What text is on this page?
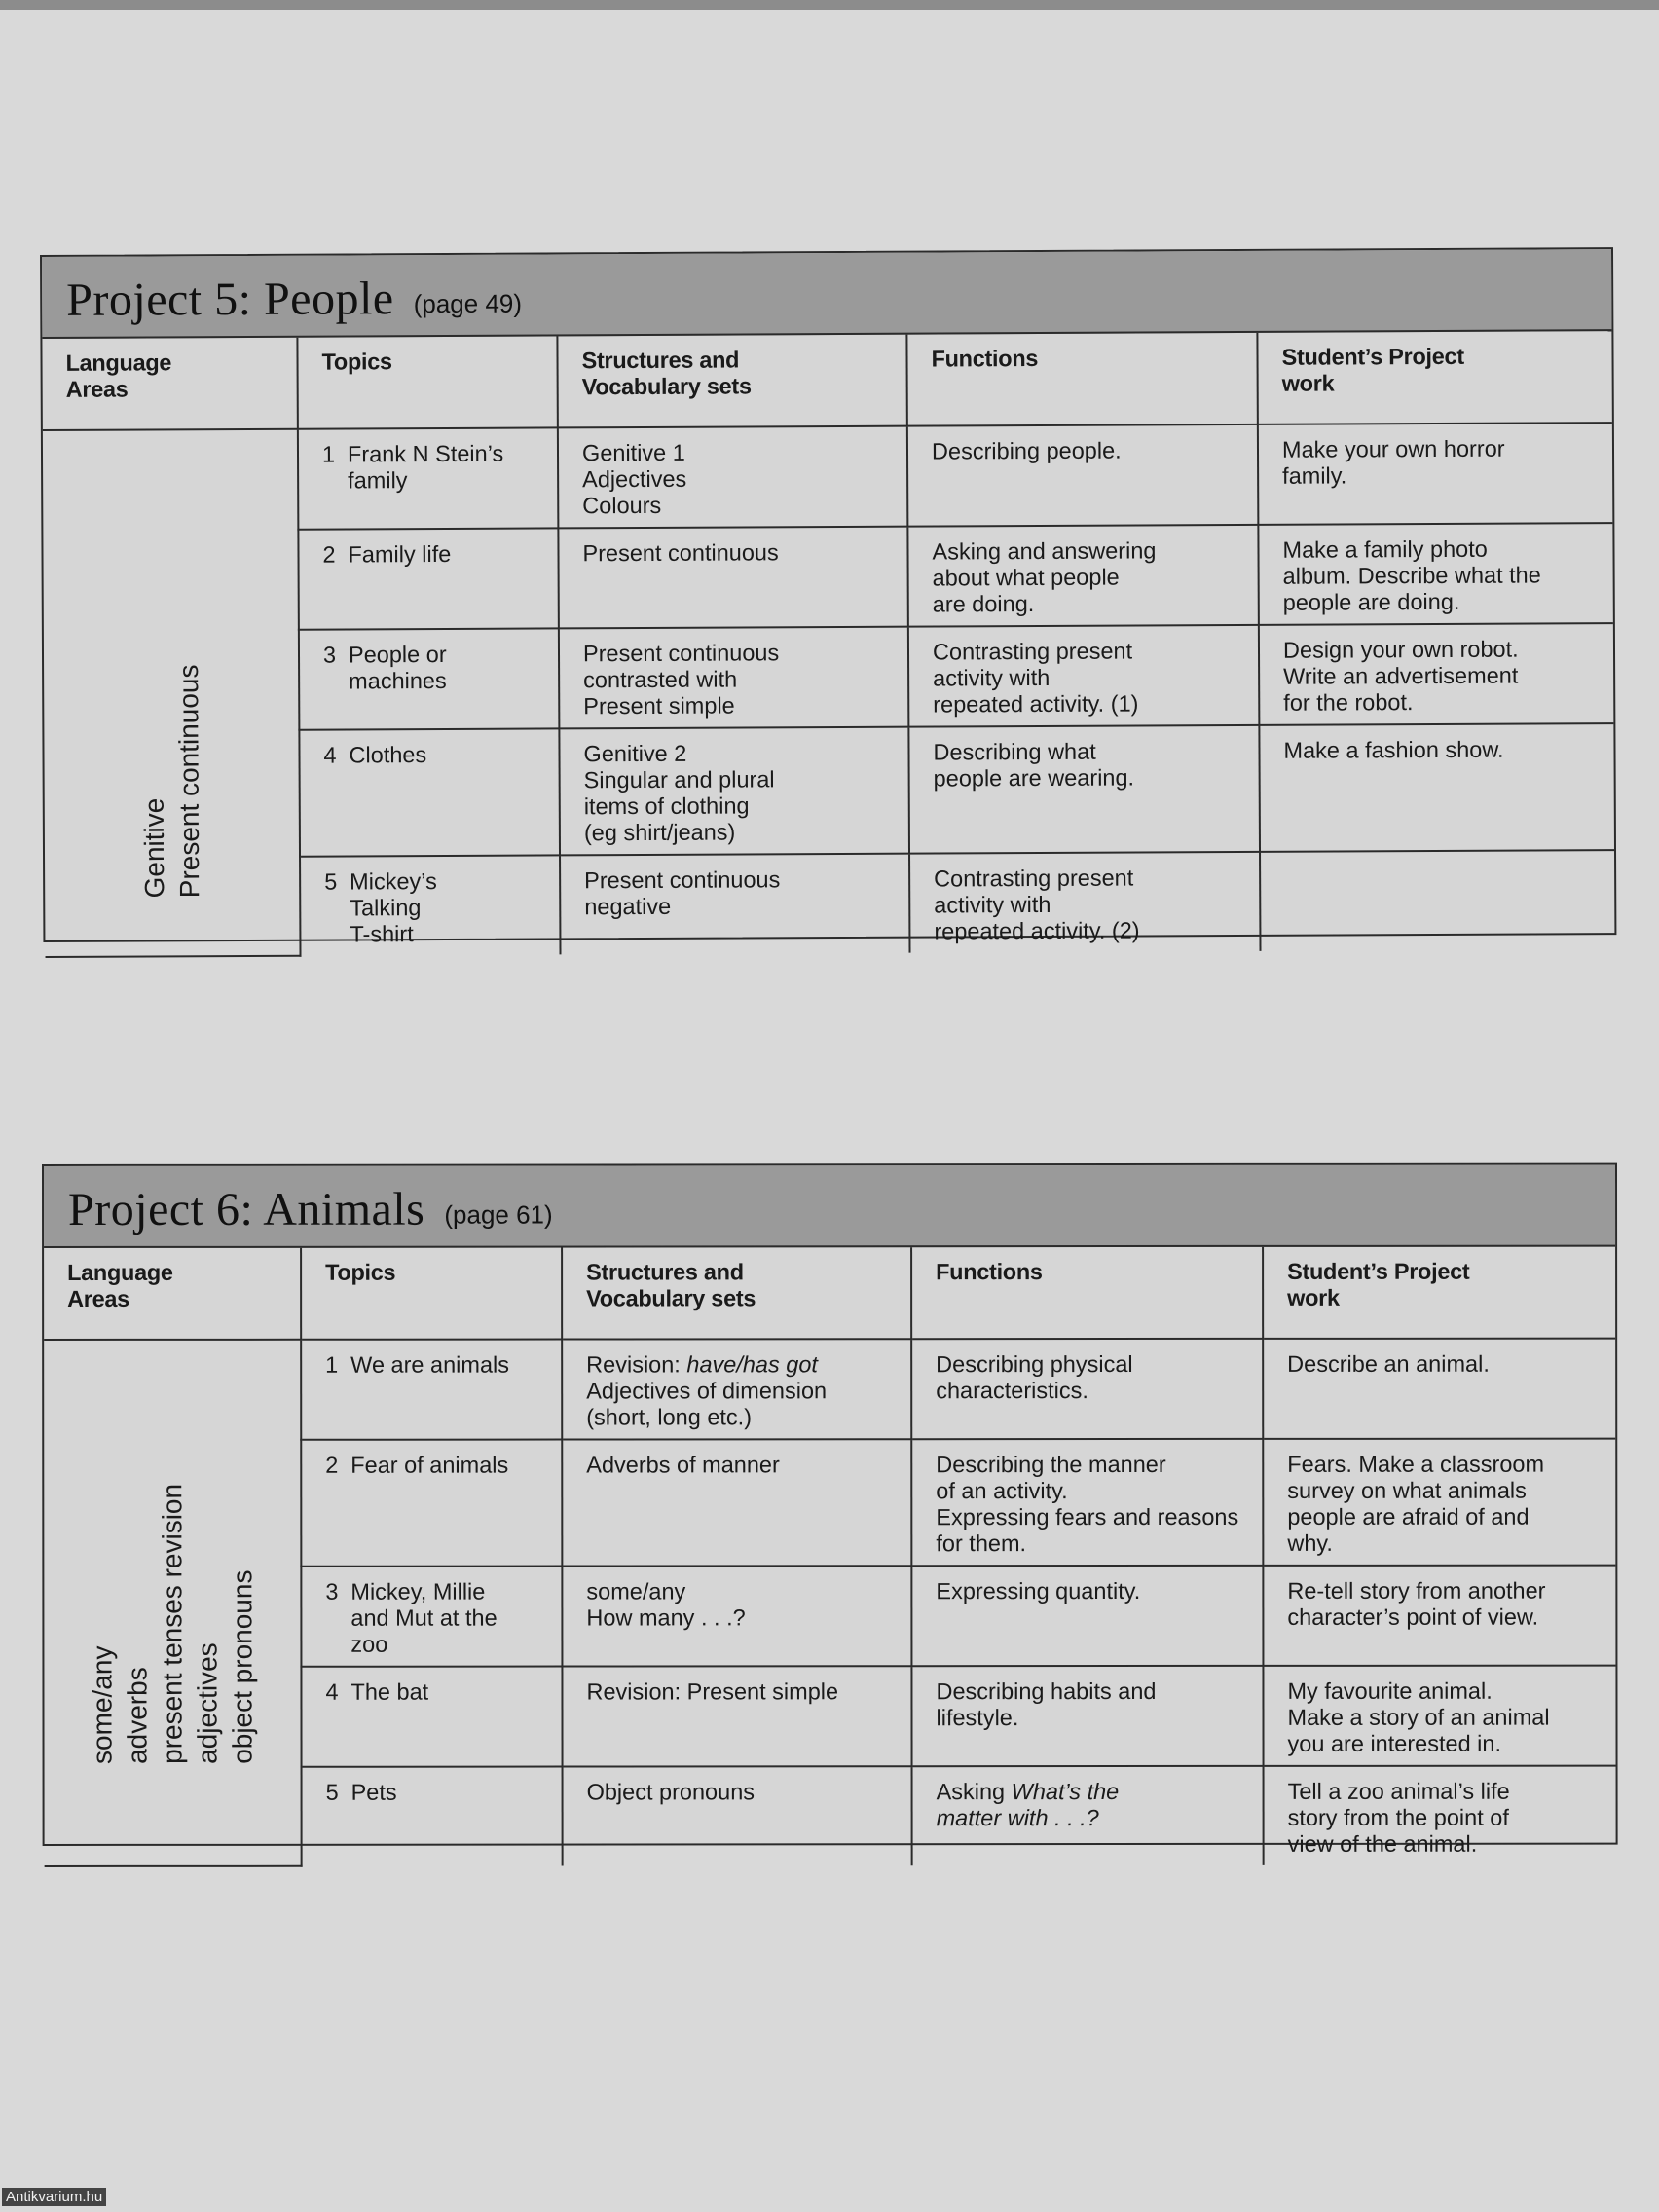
Project 5: People (page 49)
Language
Areas	Topics	Structures and
Vocabulary sets	Functions	Student’s Project
work

Genitive
Present continuous	1 Frank N Stein’s
family	Genitive 1
Adjectives
Colours	Describing people.	Make your own horror
family.

	2 Family life	Present continuous	Asking and answering
about what people
are doing.	Make a family photo
album. Describe what the
people are doing.

	3 People or
machines	Present continuous
contrasted with
Present simple	Contrasting present
activity with
repeated activity. (1)	Design your own robot.
Write an advertisement
for the robot.

	4 Clothes	Genitive 2
Singular and plural
items of clothing
(eg shirt/jeans)	Describing what
people are wearing.	Make a fashion show.

	5 Mickey’s
Talking
T-shirt	Present continuous
negative	Contrasting present
activity with
repeated activity. (2)	
Project 6: Animals (page 61)
Language
Areas	Topics	Structures and
Vocabulary sets	Functions	Student’s Project
work

some/any
adverbs
present tenses revision
adjectives
object pronouns	1 We are animals	Revision: have/has got
Adjectives of dimension
(short, long etc.)	Describing physical
characteristics.	Describe an animal.

	2 Fear of animals	Adverbs of manner	Describing the manner
of an activity.
Expressing fears and reasons
for them.	Fears. Make a classroom
survey on what animals
people are afraid of and
why.

	3 Mickey, Millie
and Mut at the
zoo	some/any
How many . . .?	Expressing quantity.	Re-tell story from another
character’s point of view.

	4 The bat	Revision: Present simple	Describing habits and
lifestyle.	My favourite animal.
Make a story of an animal
you are interested in.

	5 Pets	Object pronouns	Asking What’s the
matter with . . .?	Tell a zoo animal’s life
story from the point of
view of the animal.
Antikvarium.hu
